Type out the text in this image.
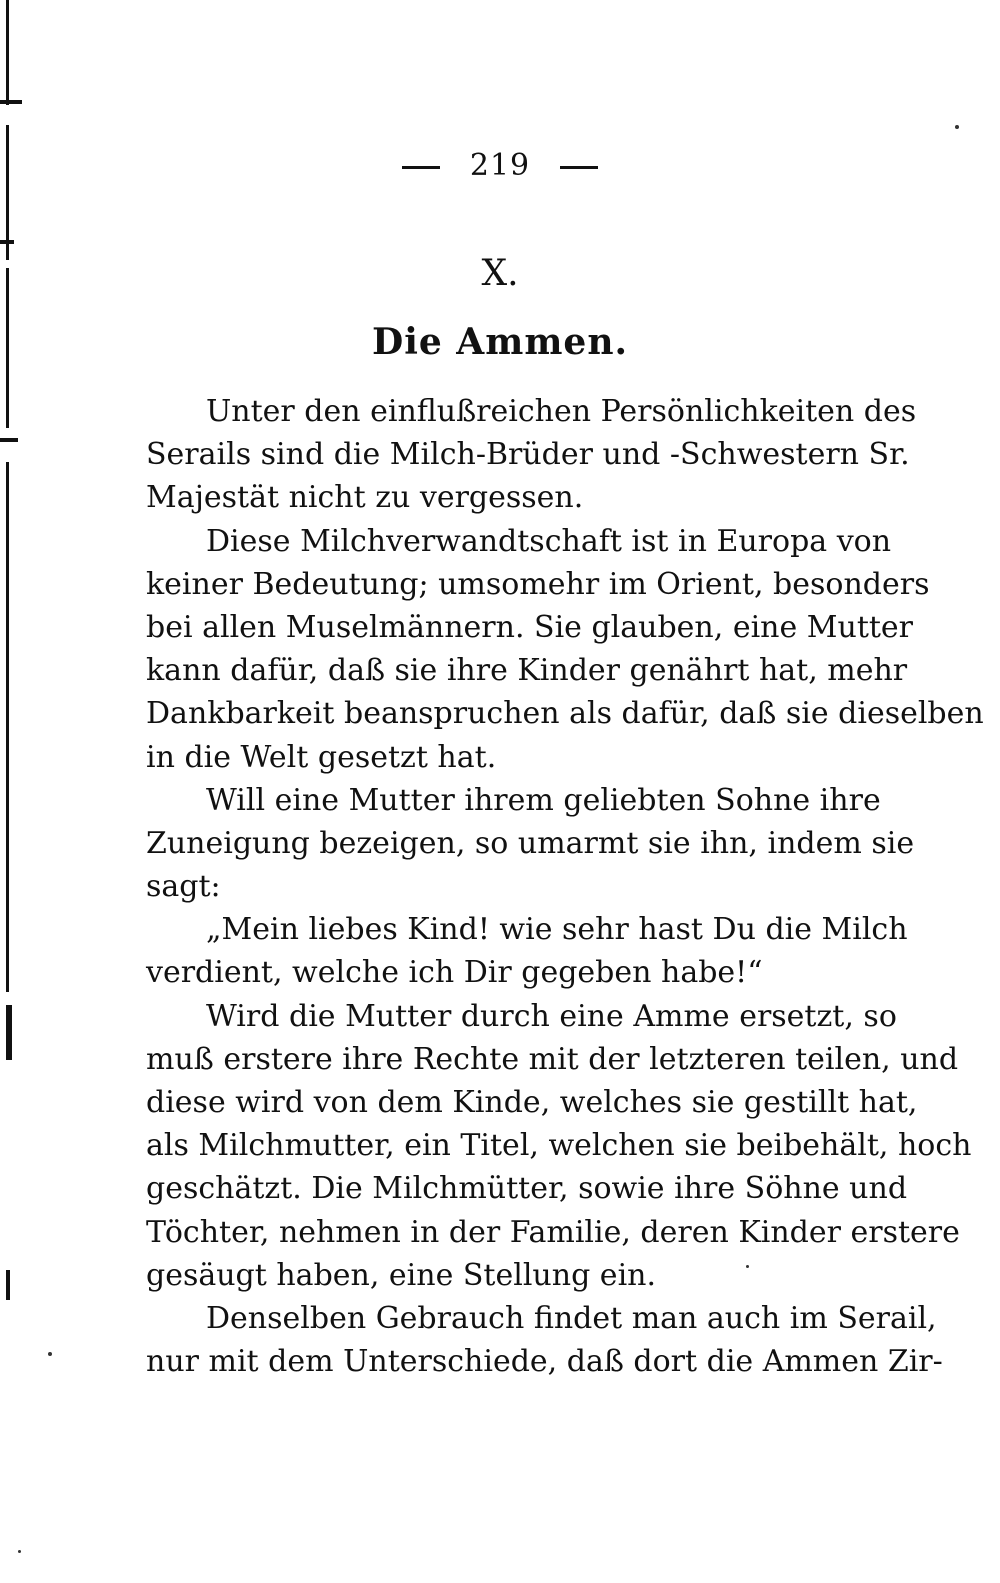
219
X.
Die Ammen.
Unter den einflußreichen Persönlichkeiten des
Serails sind die Milch-Brüder und -Schwestern Sr.
Majestät nicht zu vergessen.
Diese Milchverwandtschaft ist in Europa von
keiner Bedeutung; umsomehr im Orient, besonders
bei allen Muselmännern. Sie glauben, eine Mutter
kann dafür, daß sie ihre Kinder genährt hat, mehr
Dankbarkeit beanspruchen als dafür, daß sie dieselben
in die Welt gesetzt hat.
Will eine Mutter ihrem geliebten Sohne ihre
Zuneigung bezeigen, so umarmt sie ihn, indem sie
sagt:
„Mein liebes Kind! wie sehr hast Du die Milch
verdient, welche ich Dir gegeben habe!“
Wird die Mutter durch eine Amme ersetzt, so
muß erstere ihre Rechte mit der letzteren teilen, und
diese wird von dem Kinde, welches sie gestillt hat,
als Milchmutter, ein Titel, welchen sie beibehält, hoch
geschätzt. Die Milchmütter, sowie ihre Söhne und
Töchter, nehmen in der Familie, deren Kinder erstere
gesäugt haben, eine Stellung ein.
Denselben Gebrauch findet man auch im Serail,
nur mit dem Unterschiede, daß dort die Ammen Zir-
